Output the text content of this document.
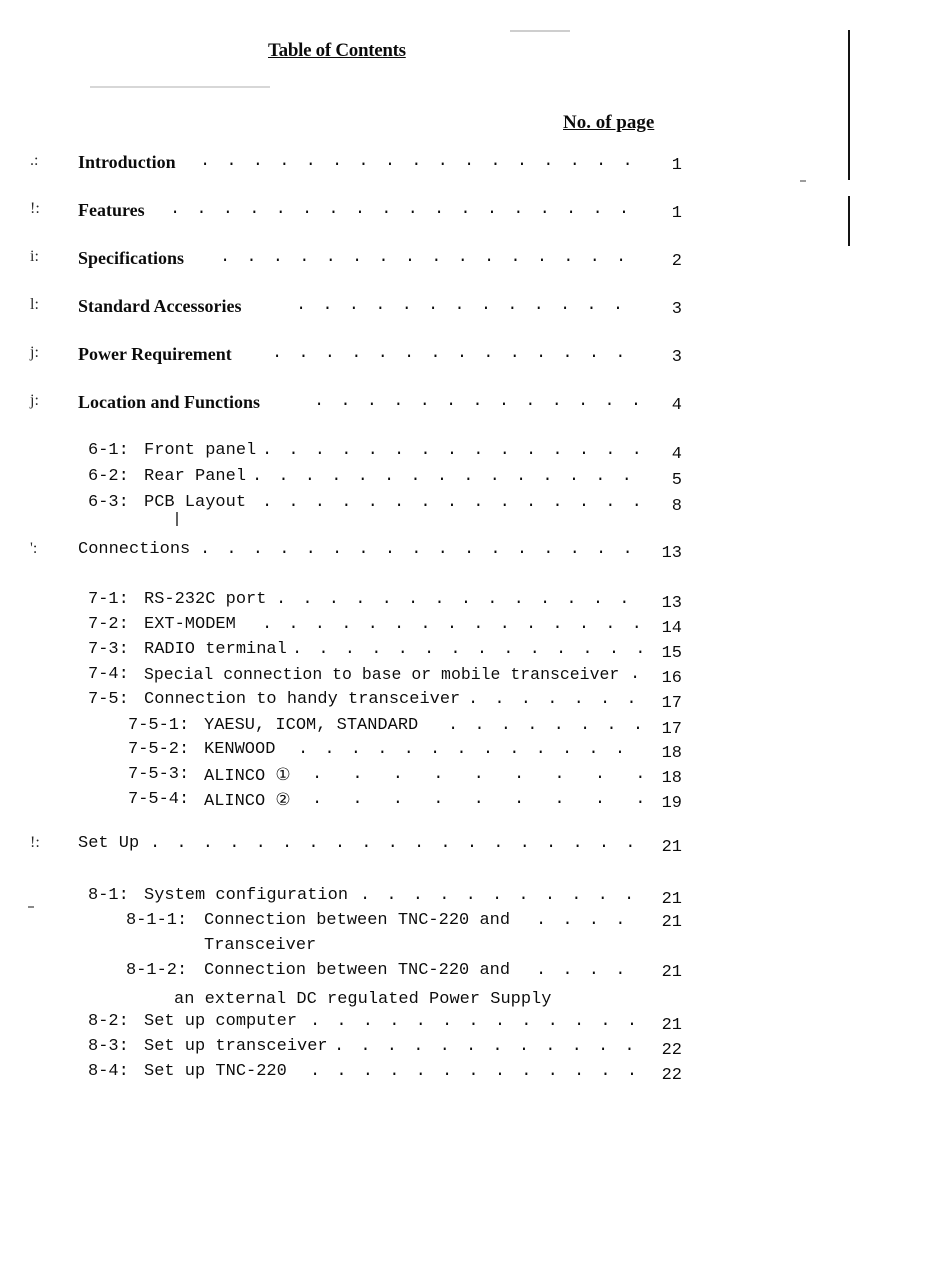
Table of Contents
No. of page
.: Introduction . . .	1
!: Features . . .	1
i: Specifications . . .	2
l: Standard Accessories . . .	3
j: Power Requirement . . .	3
j: Location and Functions . . .	4
6-1: Front panel . . .	4
6-2: Rear Panel . . .	5
6-3: PCB Layout . . .	8
': Connections . . .	13
7-1: RS-232C port . . .	13
7-2: EXT-MODEM . . .	14
7-3: RADIO terminal . . .	15
7-4: Special connection to base or mobile transceiver . . .	16
7-5: Connection to handy transceiver . . .	17
7-5-1: YAESU, ICOM, STANDARD . . .	17
7-5-2: KENWOOD . . .	18
7-5-3: ALINCO ① . . .	18
7-5-4: ALINCO ② . . .	19
!: Set Up . . .	21
8-1: System configuration . . .	21
8-1-1: Connection between TNC-220 and . . .	21
Transceiver
8-1-2: Connection between TNC-220 and . . .	21
an external DC regulated Power Supply
8-2: Set up computer . . .	21
8-3: Set up transceiver . . .	22
8-4: Set up TNC-220 . . .	22
